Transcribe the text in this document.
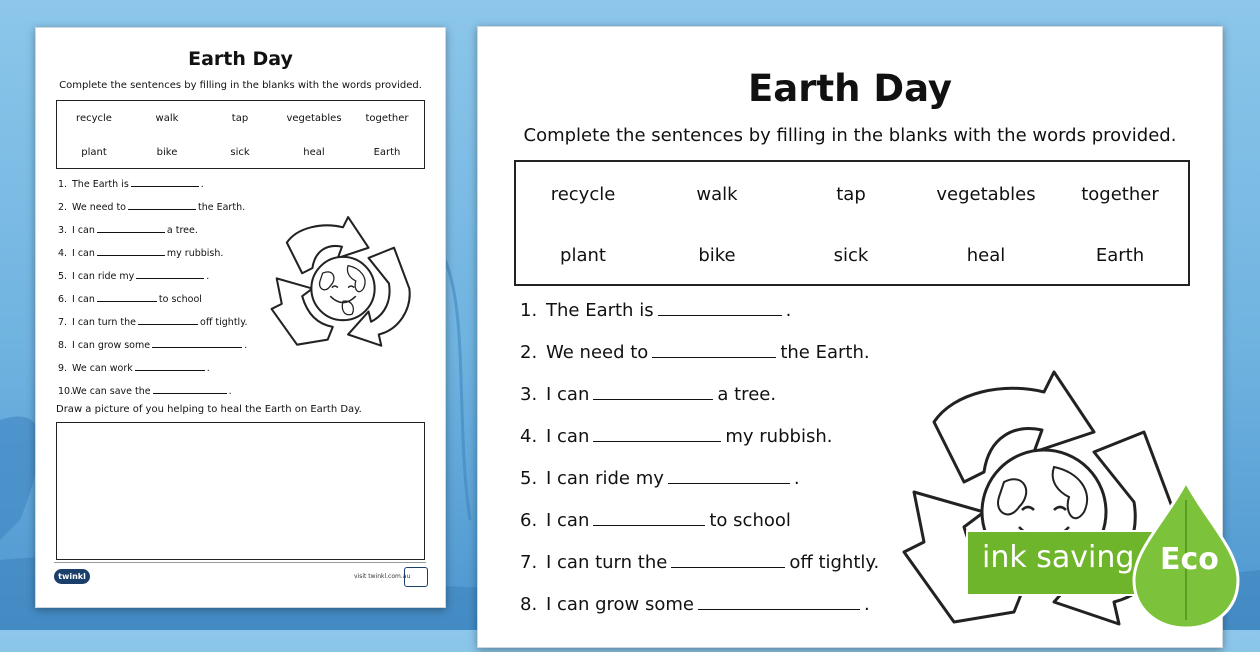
Earth Day
Complete the sentences by filling in the blanks with the words provided.
recycle	walk	tap	vegetables	together
plant	bike	sick	heal	Earth
1. The Earth is	.
2. We need to	the Earth.
3. I can	a tree.
4. I can	my rubbish.
5. I can ride my	.
6. I can	to school
7. I can turn the	off tightly.
8. I can grow some	.
9. We can work	.
10.We can save the	.
Draw a picture of you helping to heal the Earth on Earth Day.
twinkl	visit twinkl.com.au
Earth Day
Complete the sentences by filling in the blanks with the words provided.
recycle	walk	tap	vegetables	together
plant	bike	sick	heal	Earth
1. The Earth is	.
2. We need to	the Earth.
3. I can	a tree.
4. I can	my rubbish.
5. I can ride my	.
6. I can	to school
7. I can turn the	off tightly.
8. I can grow some	.
ink saving Eco
